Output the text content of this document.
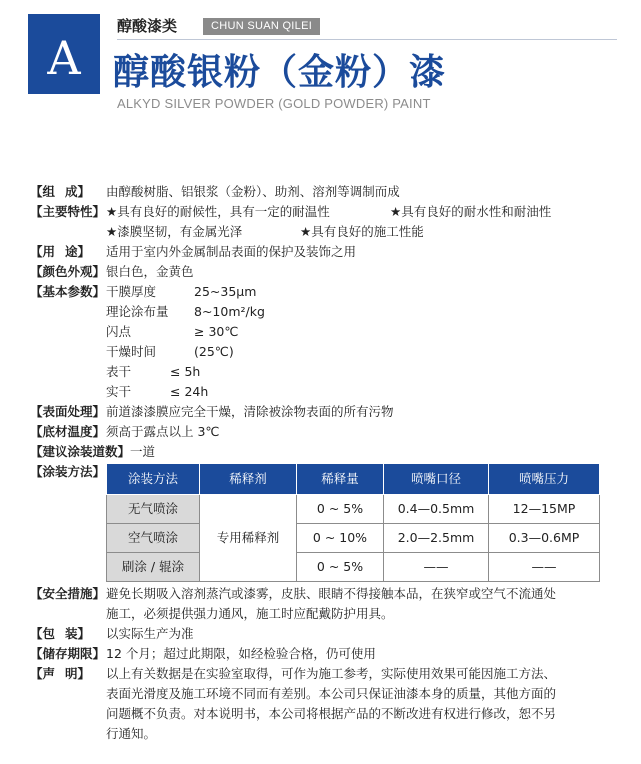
A
醇酸漆类	CHUN SUAN QILEI
醇酸银粉（金粉）漆
ALKYD SILVER POWDER (GOLD POWDER) PAINT
【组 成】 由醇酸树脂、铝银浆（金粉）、助剂、溶剂等调制而成
【主要特性】 ★具有良好的耐候性，具有一定的耐温性	★具有良好的耐水性和耐油性
★漆膜坚韧，有金属光泽	★具有良好的施工性能
【用 途】 适用于室内外金属制品表面的保护及装饰之用
【颜色外观】 银白色，金黄色
【基本参数】 干膜厚度	25~35μm
理论涂布量	8~10m²/kg
闪点	≥ 30℃
干燥时间	(25℃)
表干	≤ 5h
实干	≤ 24h
【表面处理】 前道漆漆膜应完全干燥，清除被涂物表面的所有污物
【底材温度】 须高于露点以上 3℃
【建议涂装道数】 一道
【涂装方法】 涂装方法	稀释剂	稀释量	喷嘴口径	喷嘴压力
无气喷涂	专用稀释剂	0 ~ 5%	0.4—0.5mm	12—15MP
空气喷涂		0 ~ 10%	2.0—2.5mm	0.3—0.6MP
刷涂 / 辊涂		0 ~ 5%	——	——
【安全措施】 避免长期吸入溶剂蒸汽或漆雾，皮肤、眼睛不得接触本品，在狭窄或空气不流通处
施工，必须提供强力通风，施工时应配戴防护用具。
【包 装】 以实际生产为准
【储存期限】 12 个月；超过此期限，如经检验合格，仍可使用
【声 明】 以上有关数据是在实验室取得，可作为施工参考，实际使用效果可能因施工方法、
表面光滑度及施工环境不同而有差别。本公司只保证油漆本身的质量，其他方面的
问题概不负责。对本说明书，本公司将根据产品的不断改进有权进行修改，恕不另
行通知。
